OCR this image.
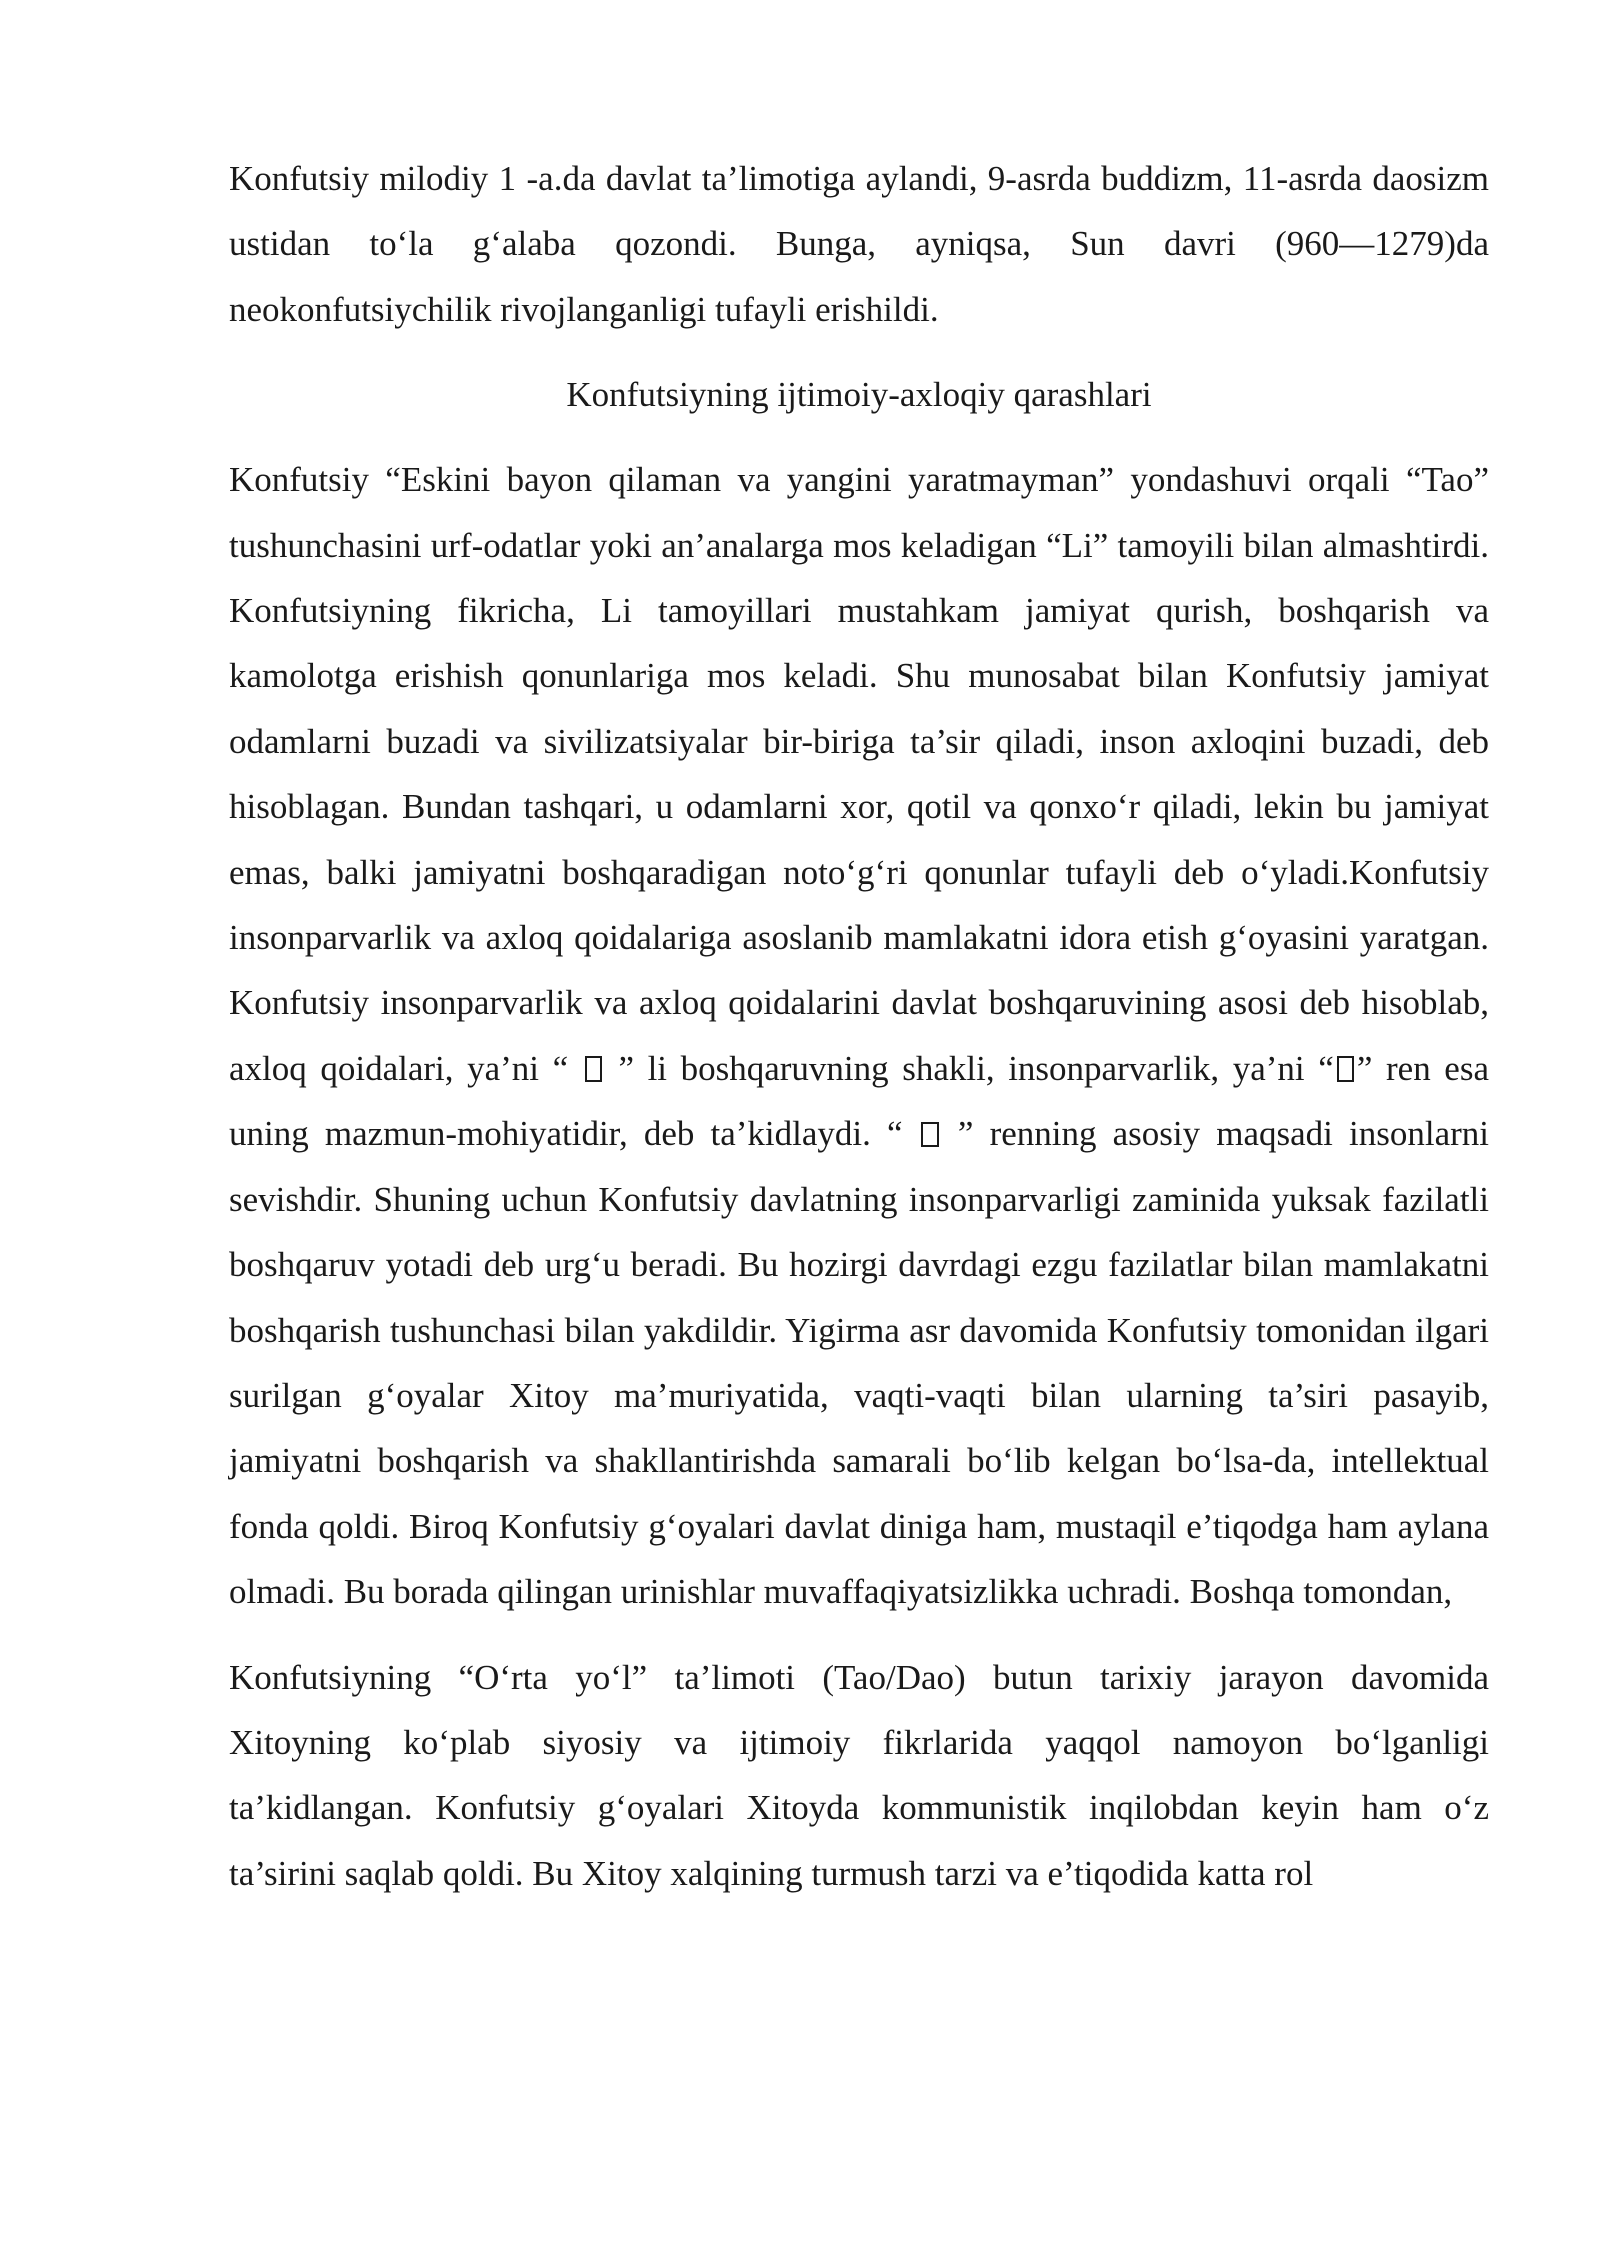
Konfutsiy milodiy 1 -a.da davlat ta’limotiga aylandi, 9-asrda buddizm, 11-asrda daosizm ustidan to‘la g‘alaba qozondi. Bunga, ayniqsa, Sun davri (960—1279)da neokonfutsiychilik rivojlanganligi tufayli erishildi.

Konfutsiyning ijtimoiy-axloqiy qarashlari

Konfutsiy “Eskini bayon qilaman va yangini yaratmayman” yondashuvi orqali “Tao” tushunchasini urf-odatlar yoki an’analarga mos keladigan “Li” tamoyili bilan almashtirdi. Konfutsiyning fikricha, Li tamoyillari mustahkam jamiyat qurish, boshqarish va kamolotga erishish qonunlariga mos keladi. Shu munosabat bilan Konfutsiy jamiyat odamlarni buzadi va sivilizatsiyalar bir-biriga ta’sir qiladi, inson axloqini buzadi, deb hisoblagan. Bundan tashqari, u odamlarni xor, qotil va qonxo‘r qiladi, lekin bu jamiyat emas, balki jamiyatni boshqaradigan noto‘g‘ri qonunlar tufayli deb o‘yladi.Konfutsiy insonparvarlik va axloq qoidalariga asoslanib mamlakatni idora etish g‘oyasini yaratgan. Konfutsiy insonparvarlik va axloq qoidalarini davlat boshqaruvining asosi deb hisoblab, axloq qoidalari, ya’ni “  ” li boshqaruvning shakli, insonparvarlik, ya’ni “ ” ren esa uning mazmun-mohiyatidir, deb ta’kidlaydi. “  ” renning asosiy maqsadi insonlarni sevishdir. Shuning uchun Konfutsiy davlatning insonparvarligi zaminida yuksak fazilatli boshqaruv yotadi deb urg‘u beradi. Bu hozirgi davrdagi ezgu fazilatlar bilan mamlakatni boshqarish tushunchasi bilan yakdildir. Yigirma asr davomida Konfutsiy tomonidan ilgari surilgan g‘oyalar Xitoy ma’muriyatida, vaqti-vaqti bilan ularning ta’siri pasayib, jamiyatni boshqarish va shakllantirishda samarali bo‘lib kelgan bo‘lsa-da, intellektual fonda qoldi. Biroq Konfutsiy g‘oyalari davlat diniga ham, mustaqil e’tiqodga ham aylana olmadi. Bu borada qilingan urinishlar muvaffaqiyatsizlikka uchradi. Boshqa tomondan,

Konfutsiyning “O‘rta yo‘l” ta’limoti (Tao/Dao) butun tarixiy jarayon davomida Xitoyning ko‘plab siyosiy va ijtimoiy fikrlarida yaqqol namoyon bo‘lganligi ta’kidlangan. Konfutsiy g‘oyalari Xitoyda kommunistik inqilobdan keyin ham o‘z ta’sirini saqlab qoldi. Bu Xitoy xalqining turmush tarzi va e’tiqodida katta rol
